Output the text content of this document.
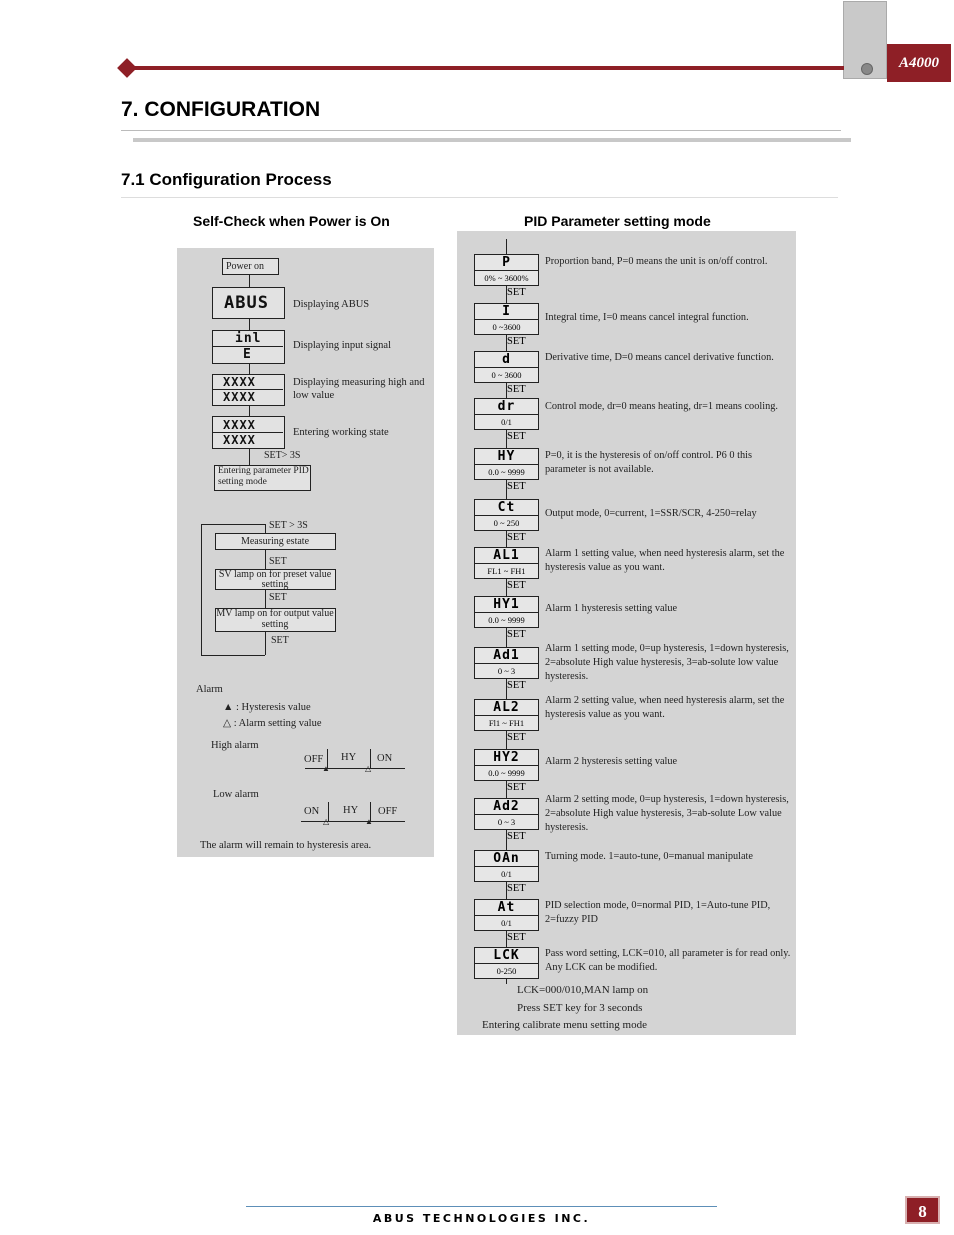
A4000
7. CONFIGURATION
7.1 Configuration Process
Self-Check when Power is On	PID Parameter setting mode
Power on
ABUS Displaying ABUS
inl
E
Displaying input signal
XXXX
XXXX
Displaying measuring high and low value
XXXX
XXXX
Entering working state
SET> 3S
Entering parameter PID setting mode
SET > 3S
Measuring estate
SET
SV lamp on for preset value setting
SET
MV lamp on for output value setting
SET
Alarm
▲ : Hysteresis value
△ : Alarm setting value
High alarm
OFF HY ON
▲	△
Low alarm
ON HY OFF
△	▲
The alarm will remain to hysteresis area.
P
0% ~ 3600%
Proportion band, P=0 means the unit is on/off control.
SET
I
0 ~3600
Integral time, I=0 means cancel integral function.
SET
d
0 ~ 3600
Derivative time, D=0 means cancel derivative function.
SET
dr
0/1
Control mode, dr=0 means heating, dr=1 means cooling.
SET
HY
0.0 ~ 9999
P=0, it is the hysteresis of on/off control. P6 0 this parameter is not available.
SET
Ct
0 ~ 250
Output mode, 0=current, 1=SSR/SCR, 4-250=relay
SET
AL1
FL1 ~ FH1
Alarm 1 setting value, when need hysteresis alarm, set the hysteresis value as you want.
SET
HY1
0.0 ~ 9999
Alarm 1 hysteresis setting value
SET
Ad1
0 ~ 3
Alarm 1 setting mode, 0=up hysteresis, 1=down hysteresis, 2=absolute High value hysteresis, 3=ab-solute low value hysteresis.
SET
AL2
Fl1 ~ FH1
Alarm 2 setting value, when need hysteresis alarm, set the hysteresis value as you want.
SET
HY2
0.0 ~ 9999
Alarm 2 hysteresis setting value
SET
Ad2
0 ~ 3
Alarm 2 setting mode, 0=up hysteresis, 1=down hysteresis, 2=absolute High value hysteresis, 3=ab-solute Low value hysteresis.
SET
OAn
0/1
Turning mode. 1=auto-tune, 0=manual manipulate
SET
At
0/1
PID selection mode, 0=normal PID, 1=Auto-tune PID, 2=fuzzy PID
SET
LCK
0-250
Pass word setting, LCK=010, all parameter is for read only. Any LCK can be modified.
LCK=000/010,MAN lamp on
Press SET key for 3 seconds
Entering calibrate menu setting mode
ABUS TECHNOLOGIES INC.	8
